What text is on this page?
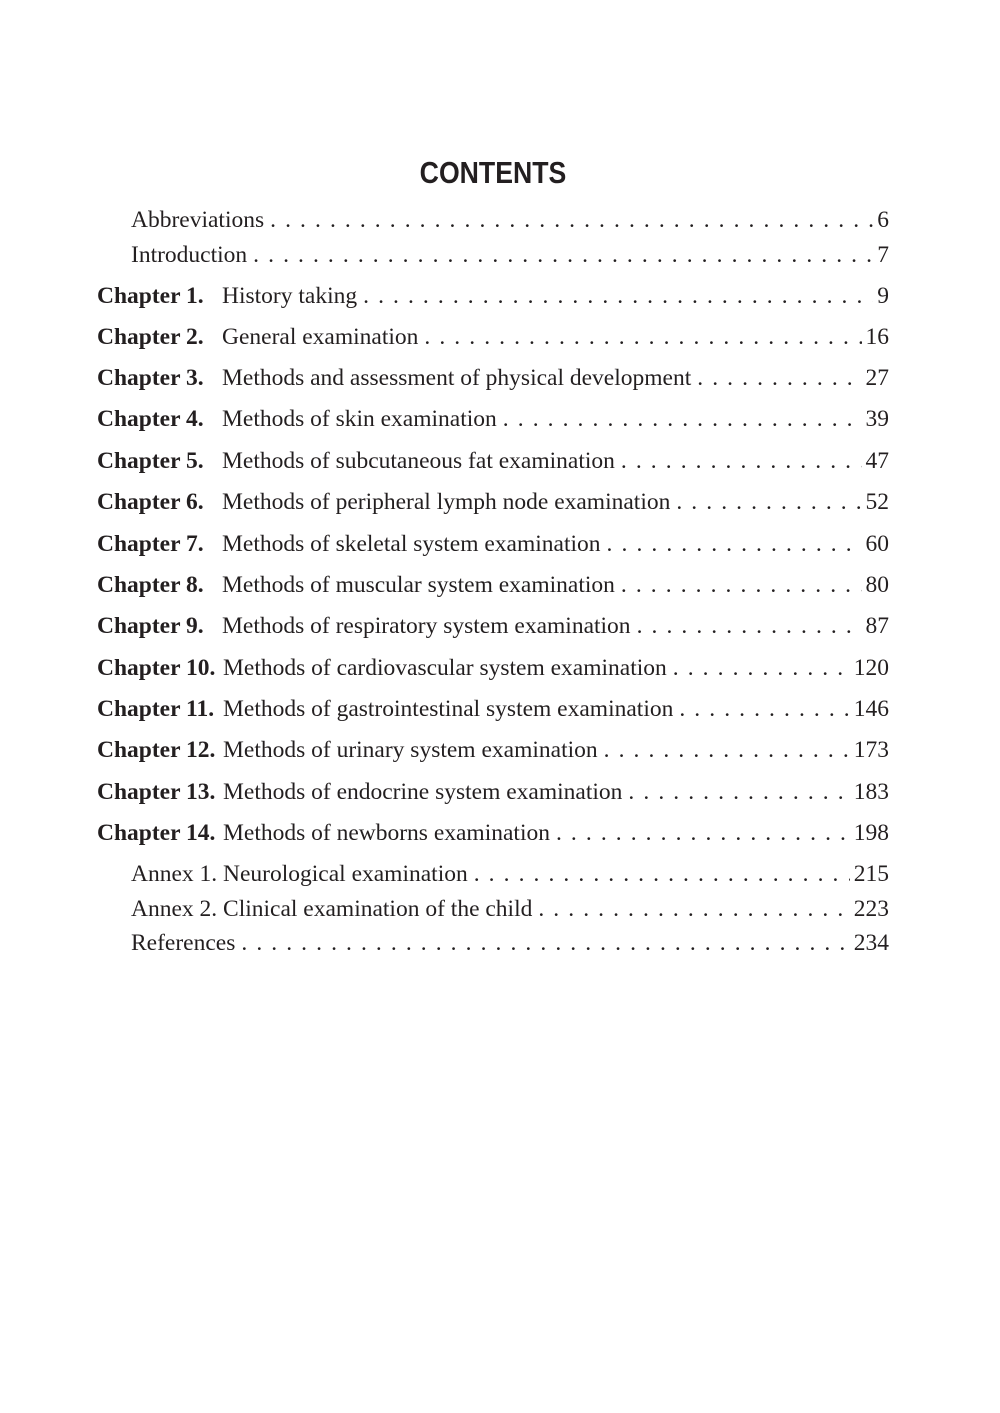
CONTENTS
Abbreviations . . .	6
Introduction . . .	7
Chapter 1. History taking . . .	9
Chapter 2. General examination . . .	16
Chapter 3. Methods and assessment of physical development . . .	27
Chapter 4. Methods of skin examination . . .	39
Chapter 5. Methods of subcutaneous fat examination . . .	47
Chapter 6. Methods of peripheral lymph node examination . . .	52
Chapter 7. Methods of skeletal system examination . . .	60
Chapter 8. Methods of muscular system examination . . .	80
Chapter 9. Methods of respiratory system examination . . .	87
Chapter 10. Methods of cardiovascular system examination . . .	120
Chapter 11. Methods of gastrointestinal system examination . . .	146
Chapter 12. Methods of urinary system examination . . .	173
Chapter 13. Methods of endocrine system examination . . .	183
Chapter 14. Methods of newborns examination . . .	198
Annex 1. Neurological examination . . .	215
Annex 2. Clinical examination of the child . . .	223
References . . .	234
